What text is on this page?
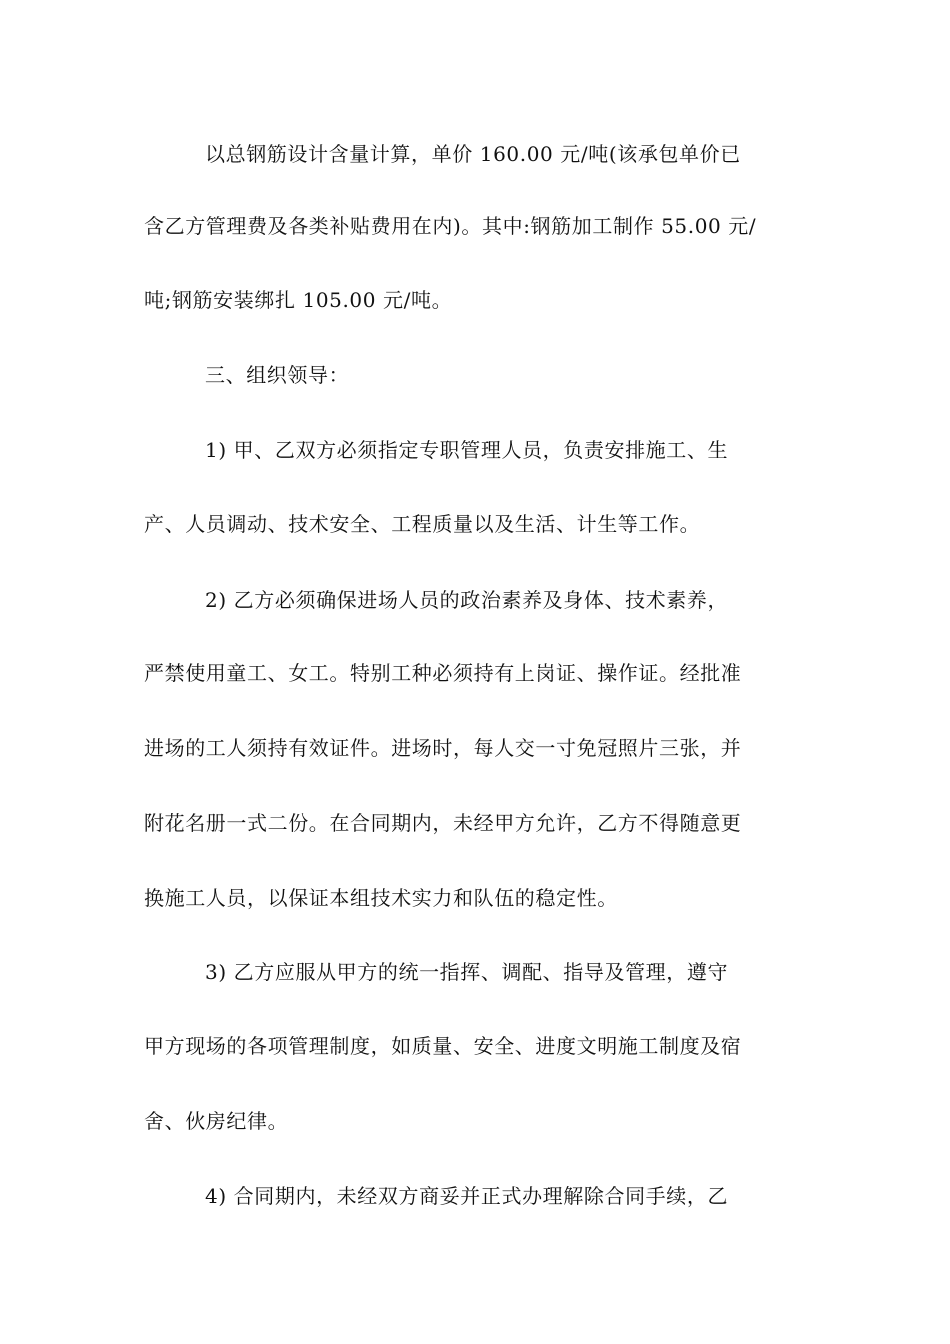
以总钢筋设计含量计算，单价 160.00 元/吨(该承包单价已
含乙方管理费及各类补贴费用在内)。其中:钢筋加工制作 55.00 元/
吨;钢筋安装绑扎 105.00 元/吨。
三、组织领导：
1) 甲、乙双方必须指定专职管理人员，负责安排施工、生
产、人员调动、技术安全、工程质量以及生活、计生等工作。
2) 乙方必须确保进场人员的政治素养及身体、技术素养，
严禁使用童工、女工。特别工种必须持有上岗证、操作证。经批准
进场的工人须持有效证件。进场时，每人交一寸免冠照片三张，并
附花名册一式二份。在合同期内，未经甲方允许，乙方不得随意更
换施工人员，以保证本组技术实力和队伍的稳定性。
3) 乙方应服从甲方的统一指挥、调配、指导及管理，遵守
甲方现场的各项管理制度，如质量、安全、进度文明施工制度及宿
舍、伙房纪律。
4) 合同期内，未经双方商妥并正式办理解除合同手续，乙
